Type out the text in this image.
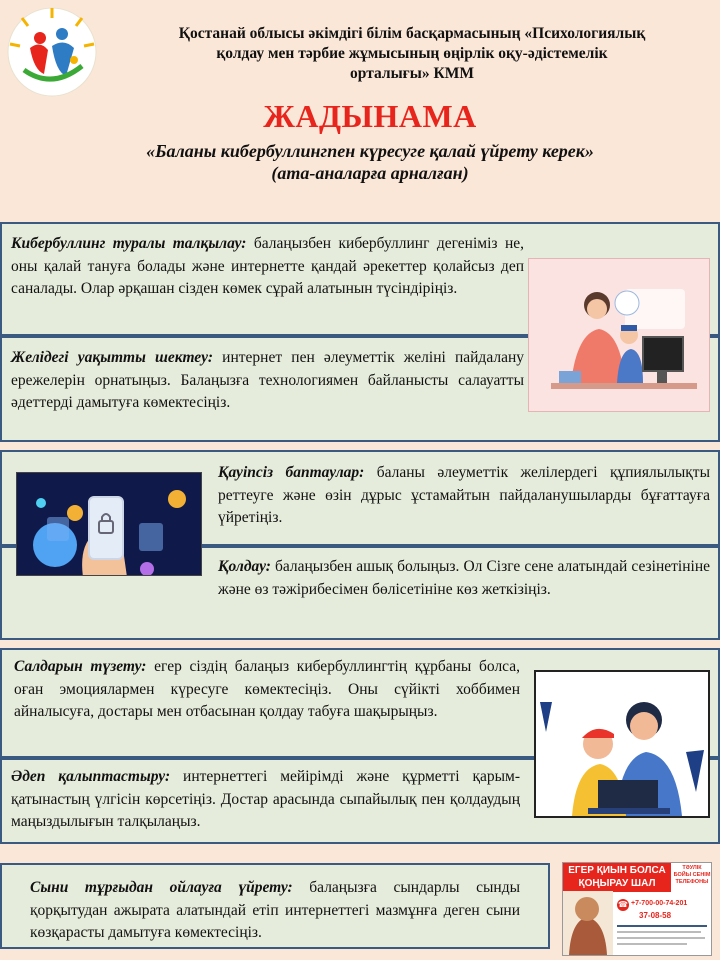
Қостанай облысы әкімдігі білім басқармасының «Психологиялық
қолдау мен тәрбие жұмысының өңірлік оқу-әдістемелік
орталығы» КММ
ЖАДЫНАМА
«Баланы кибербуллингпен күресуге қалай үйрету керек»
(ата-аналарға арналған)
Кибербуллинг туралы талқылау: балаңызбен кибербуллинг дегеніміз не, оны қалай тануға болады және интернетте қандай әрекеттер қолайсыз деп саналады. Олар әрқашан сізден көмек сұрай алатынын түсіндіріңіз.
Желідегі уақытты шектеу: интернет пен әлеуметтік желіні пайдалану ережелерін орнатыңыз. Балаңызға технологиямен байланысты салауатты әдеттерді дамытуға көмектесіңіз.
Қауіпсіз баптаулар: баланы әлеуметтік желілердегі құпиялылықты реттеуге және өзін дұрыс ұстамайтын пайдаланушыларды бұғаттауға үйретіңіз.
Қолдау: балаңызбен ашық болыңыз. Ол Сізге сене алатындай сезінетініне және өз тәжірибесімен бөлісетініне көз жеткізіңіз.
Салдарын түзету: егер сіздің балаңыз кибербуллингтің құрбаны болса, оған эмоциялармен күресуге көмектесіңіз. Оны сүйікті хоббимен айналысуға, достары мен отбасынан қолдау табуға шақырыңыз.
Әдеп қалыптастыру: интернеттегі мейірімді және құрметті қарым-қатынастың үлгісін көрсетіңіз. Достар арасында сыпайылық пен қолдаудың маңыздылығын талқылаңыз.
Сыни тұрғыдан ойлауға үйрету: балаңызға сындарлы сынды қорқытудан ажырата алатындай етіп интернеттегі мазмұнға деген сыни көзқарасты дамытуға көмектесіңіз.
ЕГЕР ҚИЫН БОЛСА
ҚОҢЫРАУ ШАЛ
ТӘУЛІК БОЙЫ СЕНІМ ТЕЛЕФОНЫ
☎ +7-700-00-74-201
37-08-58
